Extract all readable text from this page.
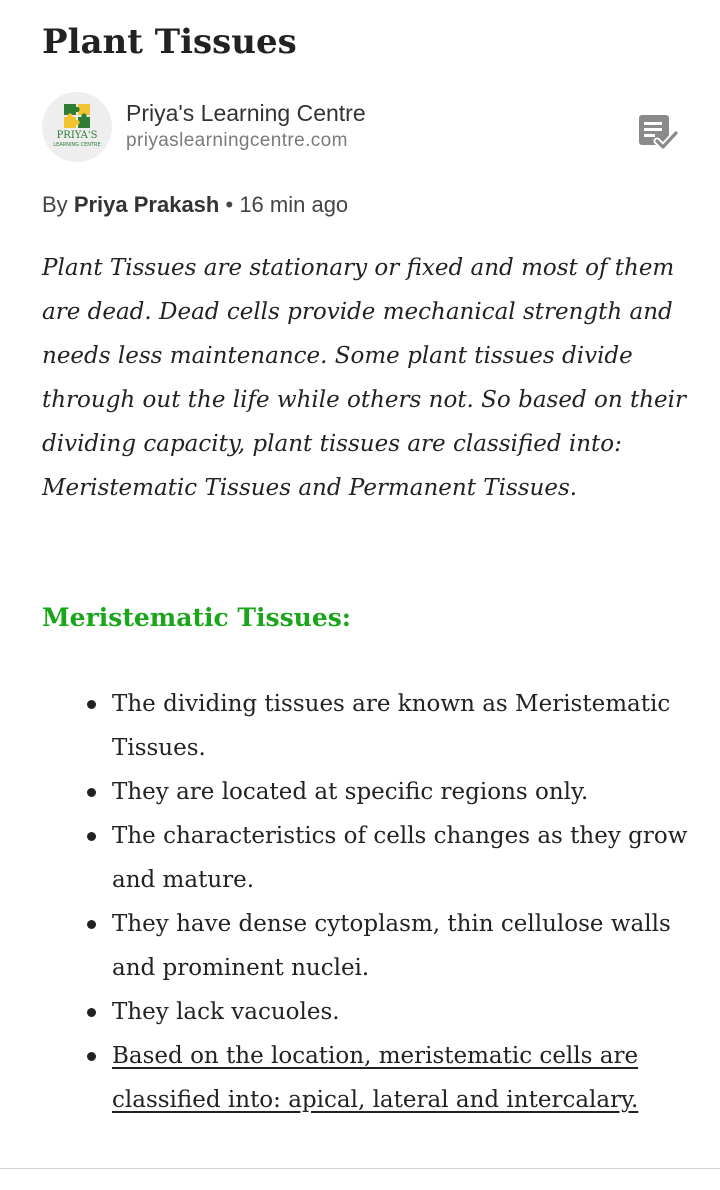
Plant Tissues
PRIYA'S
LEARNING CENTRE
Priya's Learning Centre
priyaslearningcentre.com
By Priya Prakash • 16 min ago

Plant Tissues are stationary or fixed and most of them are dead. Dead cells provide mechanical strength and needs less maintenance. Some plant tissues divide through out the life while others not. So based on their dividing capacity, plant tissues are classified into: Meristematic Tissues and Permanent Tissues.

Meristematic Tissues:
The dividing tissues are known as Meristematic Tissues.
They are located at specific regions only.
The characteristics of cells changes as they grow and mature.
They have dense cytoplasm, thin cellulose walls and prominent nuclei.
They lack vacuoles.
Based on the location, meristematic cells are classified into: apical, lateral and intercalary.
